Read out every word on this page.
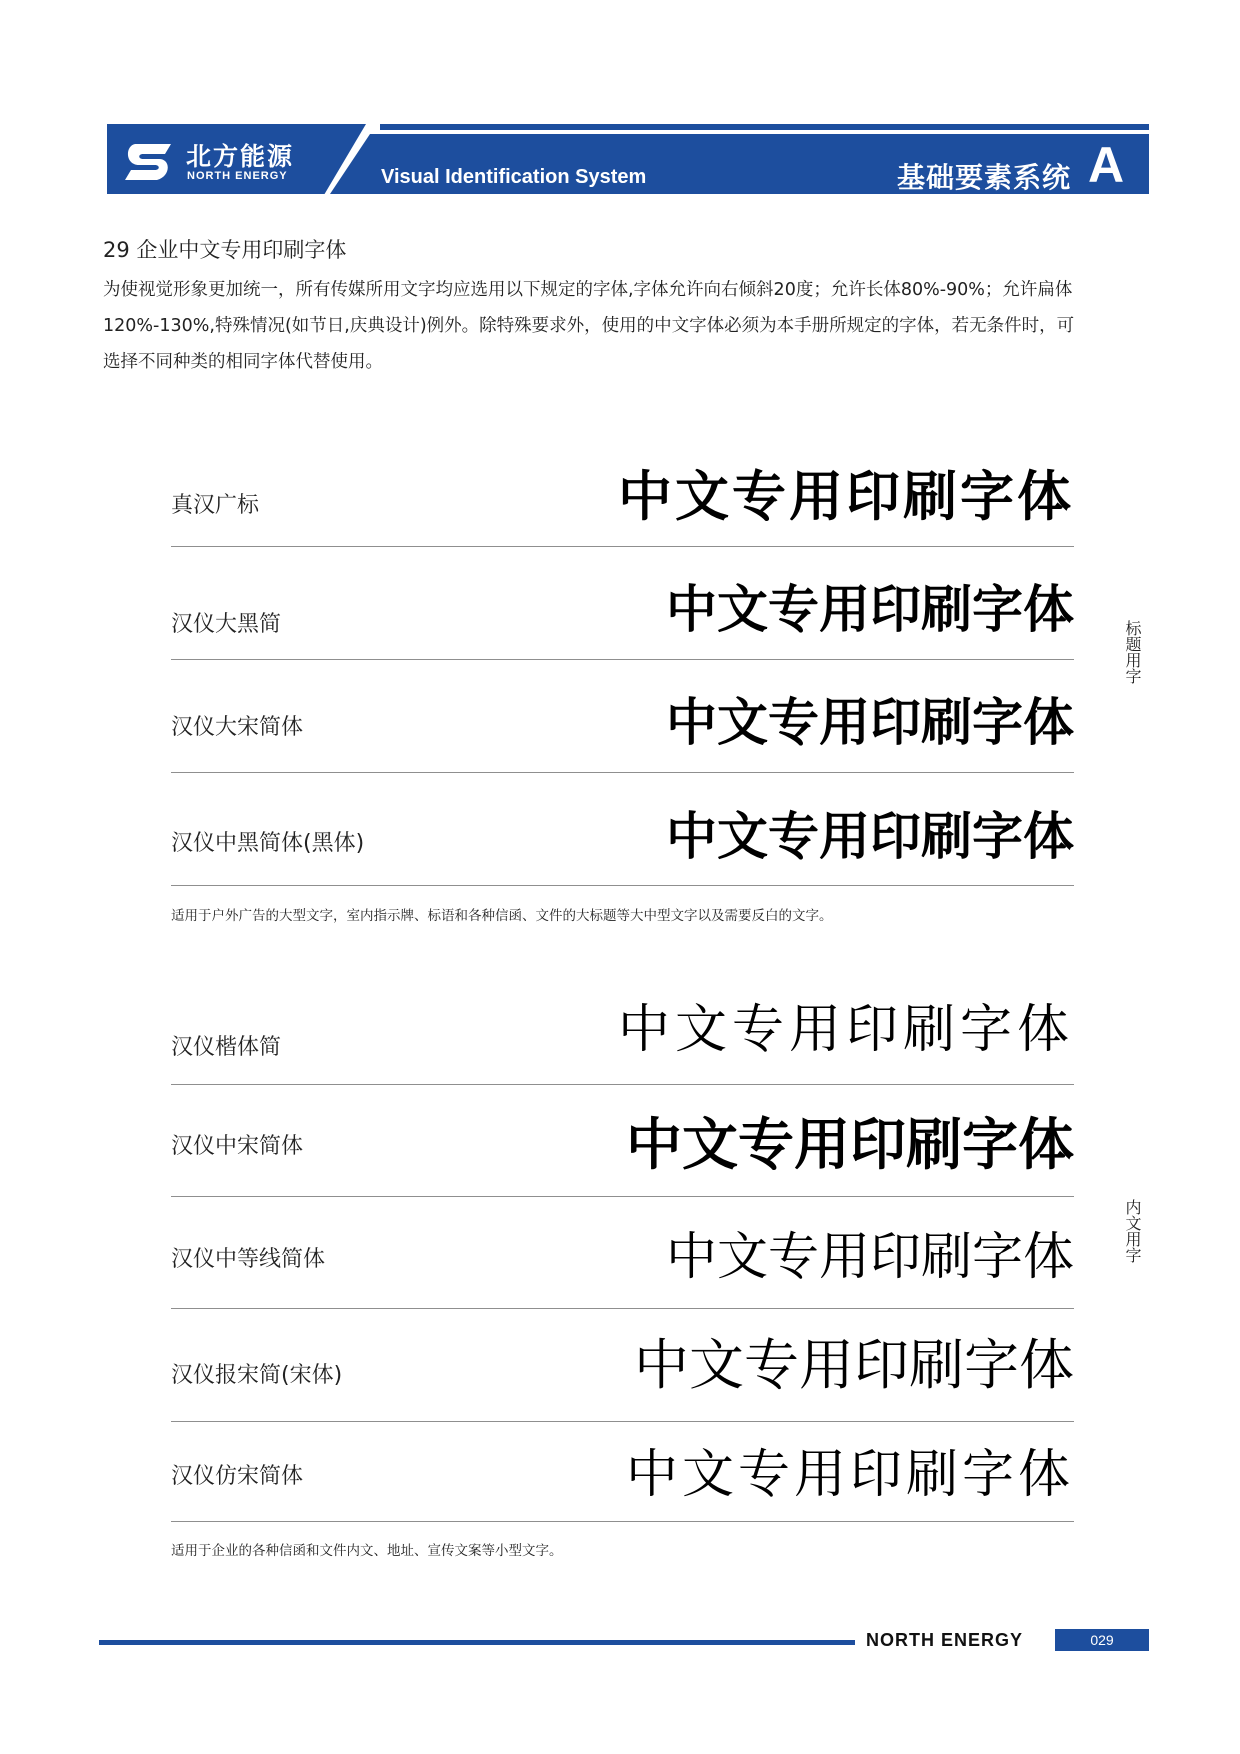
北方能源
NORTH ENERGY	Visual Identification System	基础要素系统 A
29 企业中文专用印刷字体
为使视觉形象更加统一，所有传媒所用文字均应选用以下规定的字体,字体允许向右倾斜20度；允许长体80%-90%；允许扁体120%-130%,特殊情况(如节日,庆典设计)例外。除特殊要求外，使用的中文字体必须为本手册所规定的字体，若无条件时，可选择不同种类的相同字体代替使用。
真汉广标	中文专用印刷字体
汉仪大黑简	中文专用印刷字体
汉仪大宋简体	中文专用印刷字体
汉仪中黑简体(黑体)	中文专用印刷字体
适用于户外广告的大型文字，室内指示牌、标语和各种信函、文件的大标题等大中型文字以及需要反白的文字。
标题用字
汉仪楷体简	中文专用印刷字体
汉仪中宋简体	中文专用印刷字体
汉仪中等线简体	中文专用印刷字体
汉仪报宋简(宋体)	中文专用印刷字体
汉仪仿宋简体	中文专用印刷字体
适用于企业的各种信函和文件内文、地址、宣传文案等小型文字。
内文用字
NORTH ENERGY	029
